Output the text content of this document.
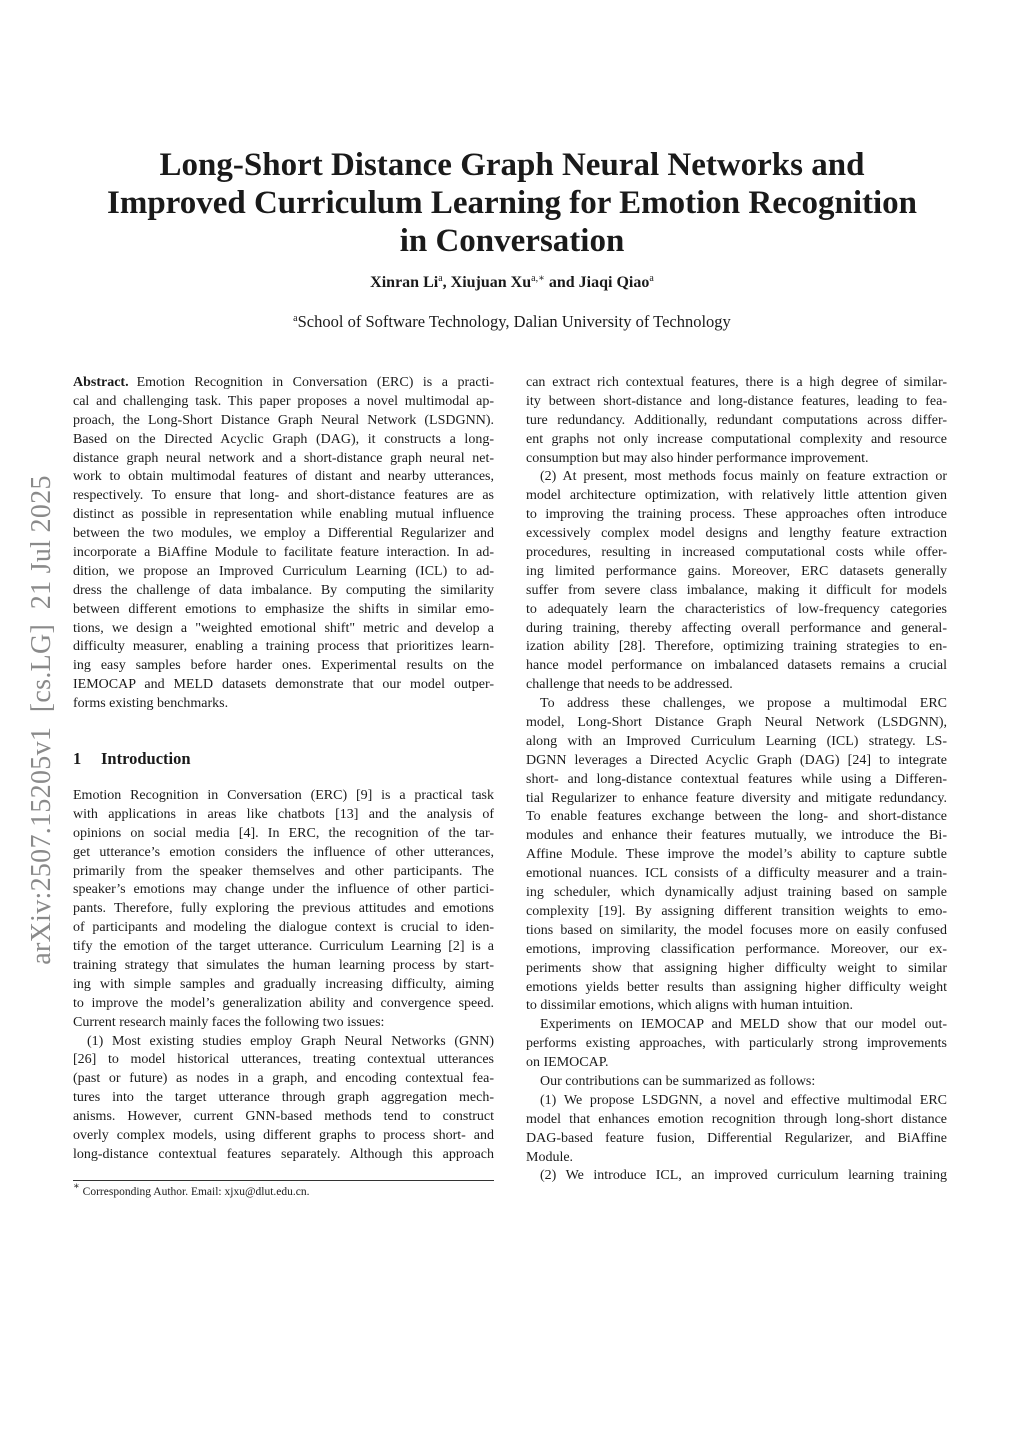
arXiv:2507.15205v1  [cs.LG]  21 Jul 2025
Long-Short Distance Graph Neural Networks and
Improved Curriculum Learning for Emotion Recognition
in Conversation
Xinran Li$^a$, Xiujuan $Xu^{a,∗}$ and Jiaqi Qiao$^a$
$^a$School of Software Technology, Dalian University of Technology
Abstract. Emotion Recognition in Conversation (ERC) is a practi-
cal and challenging task. This paper proposes a novel multimodal ap-
proach, the Long-Short Distance Graph Neural Network (LSDGNN).
Based on the Directed Acyclic Graph (DAG), it constructs a long-
distance graph neural network and a short-distance graph neural net-
work to obtain multimodal features of distant and nearby utterances,
respectively. To ensure that long- and short-distance features are as
distinct as possible in representation while enabling mutual influence
between the two modules, we employ a Differential Regularizer and
incorporate a BiAffine Module to facilitate feature interaction. In ad-
dition, we propose an Improved Curriculum Learning (ICL) to ad-
dress the challenge of data imbalance. By computing the similarity
between different emotions to emphasize the shifts in similar emo-
tions, we design a "weighted emotional shift" metric and develop a
difficulty measurer, enabling a training process that prioritizes learn-
ing easy samples before harder ones. Experimental results on the
IEMOCAP and MELD datasets demonstrate that our model outper-
forms existing benchmarks.
1 Introduction
Emotion Recognition in Conversation (ERC) [9] is a practical task
with applications in areas like chatbots [13] and the analysis of
opinions on social media [4]. In ERC, the recognition of the tar-
get utterance’s emotion considers the influence of other utterances,
primarily from the speaker themselves and other participants. The
speaker’s emotions may change under the influence of other partici-
pants. Therefore, fully exploring the previous attitudes and emotions
of participants and modeling the dialogue context is crucial to iden-
tify the emotion of the target utterance. Curriculum Learning [2] is a
training strategy that simulates the human learning process by start-
ing with simple samples and gradually increasing difficulty, aiming
to improve the model’s generalization ability and convergence speed.
Current research mainly faces the following two issues:
(1) Most existing studies employ Graph Neural Networks (GNN)
[26] to model historical utterances, treating contextual utterances
(past or future) as nodes in a graph, and encoding contextual fea-
tures into the target utterance through graph aggregation mech-
anisms. However, current GNN-based methods tend to construct
overly complex models, using different graphs to process short- and
long-distance contextual features separately. Although this approach
can extract rich contextual features, there is a high degree of similar-
ity between short-distance and long-distance features, leading to fea-
ture redundancy. Additionally, redundant computations across differ-
ent graphs not only increase computational complexity and resource
consumption but may also hinder performance improvement.
(2) At present, most methods focus mainly on feature extraction or
model architecture optimization, with relatively little attention given
to improving the training process. These approaches often introduce
excessively complex model designs and lengthy feature extraction
procedures, resulting in increased computational costs while offer-
ing limited performance gains. Moreover, ERC datasets generally
suffer from severe class imbalance, making it difficult for models
to adequately learn the characteristics of low-frequency categories
during training, thereby affecting overall performance and general-
ization ability [28]. Therefore, optimizing training strategies to en-
hance model performance on imbalanced datasets remains a crucial
challenge that needs to be addressed.
To address these challenges, we propose a multimodal ERC
model, Long-Short Distance Graph Neural Network (LSDGNN),
along with an Improved Curriculum Learning (ICL) strategy. LS-
DGNN leverages a Directed Acyclic Graph (DAG) [24] to integrate
short- and long-distance contextual features while using a Differen-
tial Regularizer to enhance feature diversity and mitigate redundancy.
To enable features exchange between the long- and short-distance
modules and enhance their features mutually, we introduce the Bi-
Affine Module. These improve the model’s ability to capture subtle
emotional nuances. ICL consists of a difficulty measurer and a train-
ing scheduler, which dynamically adjust training based on sample
complexity [19]. By assigning different transition weights to emo-
tions based on similarity, the model focuses more on easily confused
emotions, improving classification performance. Moreover, our ex-
periments show that assigning higher difficulty weight to similar
emotions yields better results than assigning higher difficulty weight
to dissimilar emotions, which aligns with human intuition.
Experiments on IEMOCAP and MELD show that our model out-
performs existing approaches, with particularly strong improvements
on IEMOCAP.
Our contributions can be summarized as follows:
(1) We propose LSDGNN, a novel and effective multimodal ERC
model that enhances emotion recognition through long-short distance
DAG-based feature fusion, Differential Regularizer, and BiAffine
Module.
(2) We introduce ICL, an improved curriculum learning training
∗ Corresponding Author. Email: xjxu@dlut.edu.cn.
